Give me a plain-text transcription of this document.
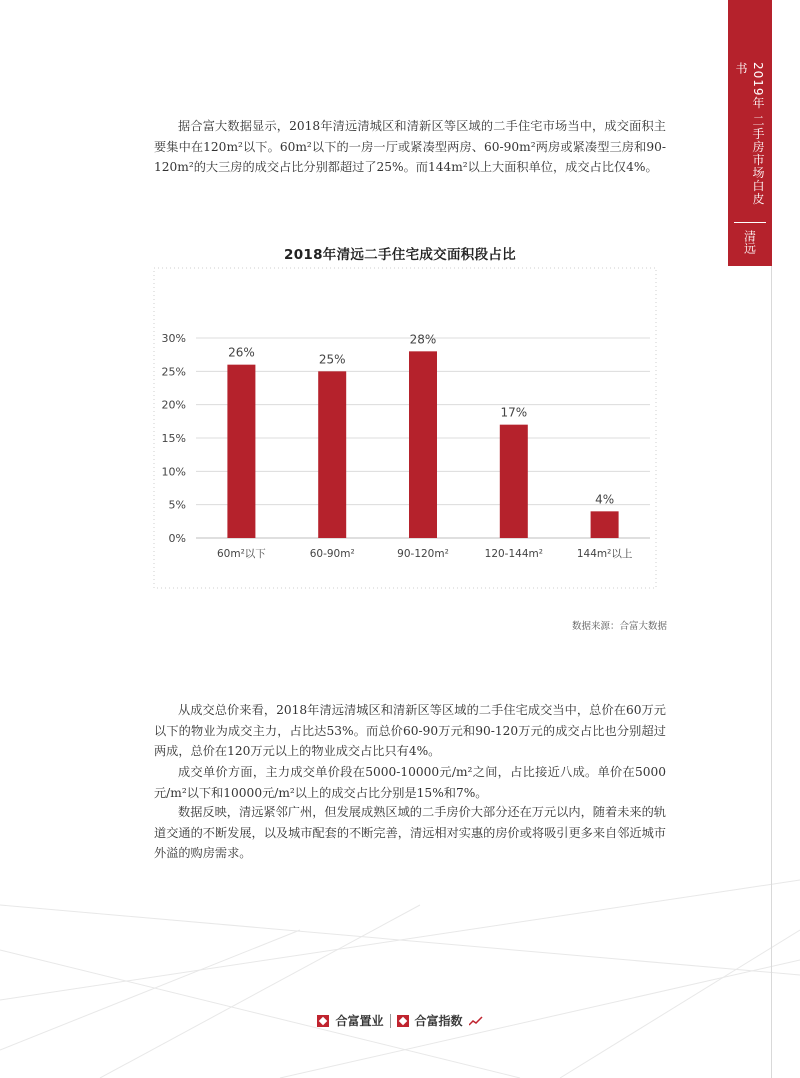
2019年 二手房市场白皮书
清远

据合富大数据显示，2018年清远清城区和清新区等区域的二手住宅市场当中，成交面积主要集中在120m²以下。60m²以下的一房一厅或紧凑型两房、60-90m²两房或紧凑型三房和90-120m²的大三房的成交占比分别都超过了25%。而144m²以上大面积单位，成交占比仅4%。

2018年清远二手住宅成交面积段占比
0%
5%
10%
15%
20%
25%
30%
26%	25%
28%
17%
4%
60m²以下	60-90m²	90-120m²	120-144m²	144m²以上
数据来源：合富大数据

从成交总价来看，2018年清远清城区和清新区等区域的二手住宅成交当中，总价在60万元以下的物业为成交主力，占比达53%。而总价60-90万元和90-120万元的成交占比也分别超过两成，总价在120万元以上的物业成交占比只有4%。

成交单价方面，主力成交单价段在5000-10000元/m²之间，占比接近八成。单价在5000元/m²以下和10000元/m²以上的成交占比分别是15%和7%。

数据反映，清远紧邻广州，但发展成熟区域的二手房价大部分还在万元以内，随着未来的轨道交通的不断发展，以及城市配套的不断完善，清远相对实惠的房价或将吸引更多来自邻近城市外溢的购房需求。

合富置业	合富指数
